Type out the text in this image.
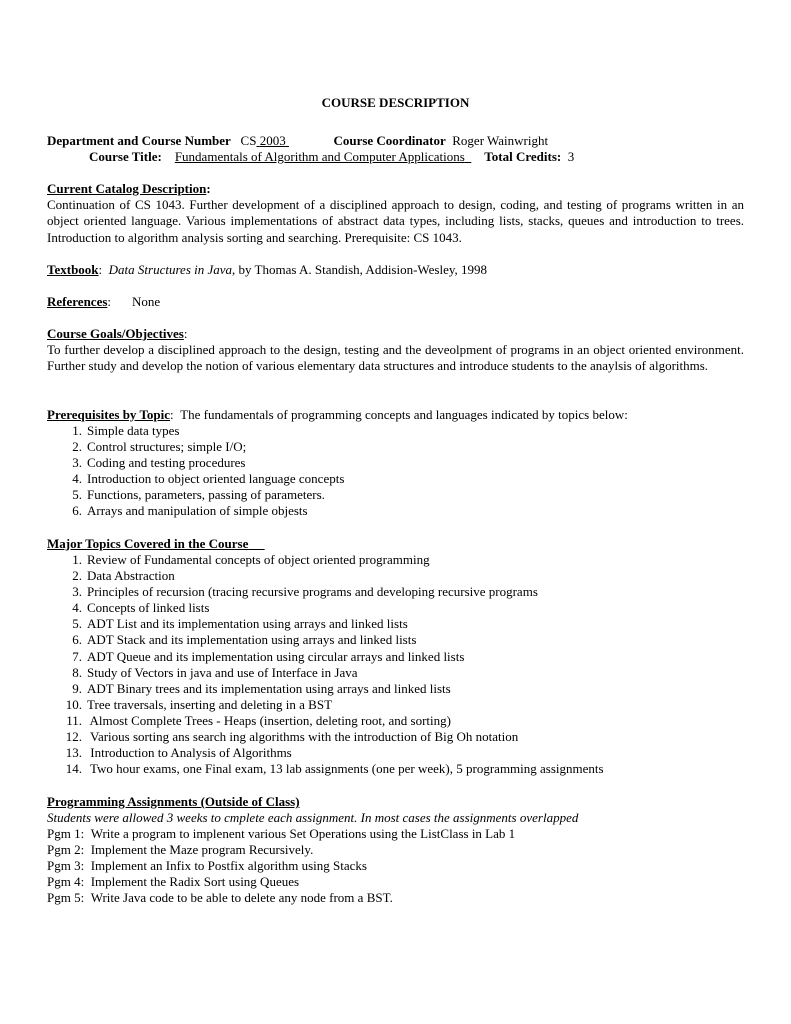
COURSE DESCRIPTION
Department and Course Number CS 2003	Course Coordinator Roger Wainwright
Course Title: Fundamentals of Algorithm and Computer Applications Total Credits: 3
Current Catalog Description:
Continuation of CS 1043. Further development of a disciplined approach to design, coding, and testing of programs written in an object oriented language. Various implementations of abstract data types, including lists, stacks, queues and introduction to trees. Introduction to algorithm analysis sorting and searching. Prerequisite: CS 1043.
Textbook:  Data Structures in Java, by Thomas A. Standish, Addision-Wesley, 1998
References: None
Course Goals/Objectives:
To further develop a disciplined approach to the design, testing and the deveolpment of programs in an object oriented environment. Further study and develop the notion of various elementary data structures and introduce students to the anaylsis of algorithms.
Prerequisites by Topic:  The fundamentals of programming concepts and languages indicated by topics below:
1. Simple data types
2. Control structures; simple I/O;
3. Coding and testing procedures
4. Introduction to object oriented language concepts
5. Functions, parameters, passing of parameters.
6. Arrays and manipulation of simple objests
Major Topics Covered in the Course
1. Review of Fundamental concepts of object oriented programming
2. Data Abstraction
3. Principles of recursion (tracing recursive programs and developing recursive programs
4. Concepts of linked lists
5. ADT List and its implementation using arrays and linked lists
6. ADT Stack and its implementation using arrays and linked lists
7. ADT Queue and its implementation using circular arrays and linked lists
8. Study of Vectors in java and use of Interface in Java
9. ADT Binary trees and its implementation using arrays and linked lists
10. Tree traversals, inserting and deleting in a BST
11. Almost Complete Trees - Heaps (insertion, deleting root, and sorting)
12. Various sorting ans search ing algorithms with the introduction of Big Oh notation
13. Introduction to Analysis of Algorithms
14. Two hour exams, one Final exam, 13 lab assignments (one per week), 5 programming assignments
Programming Assignments (Outside of Class)
Students were allowed 3 weeks to cmplete each assignment. In most cases the assignments overlapped
Pgm 1: Write a program to implenent various Set Operations using the ListClass in Lab 1
Pgm 2: Implement the Maze program Recursively.
Pgm 3: Implement an Infix to Postfix algorithm using Stacks
Pgm 4: Implement the Radix Sort using Queues
Pgm 5: Write Java code to be able to delete any node from a BST.
